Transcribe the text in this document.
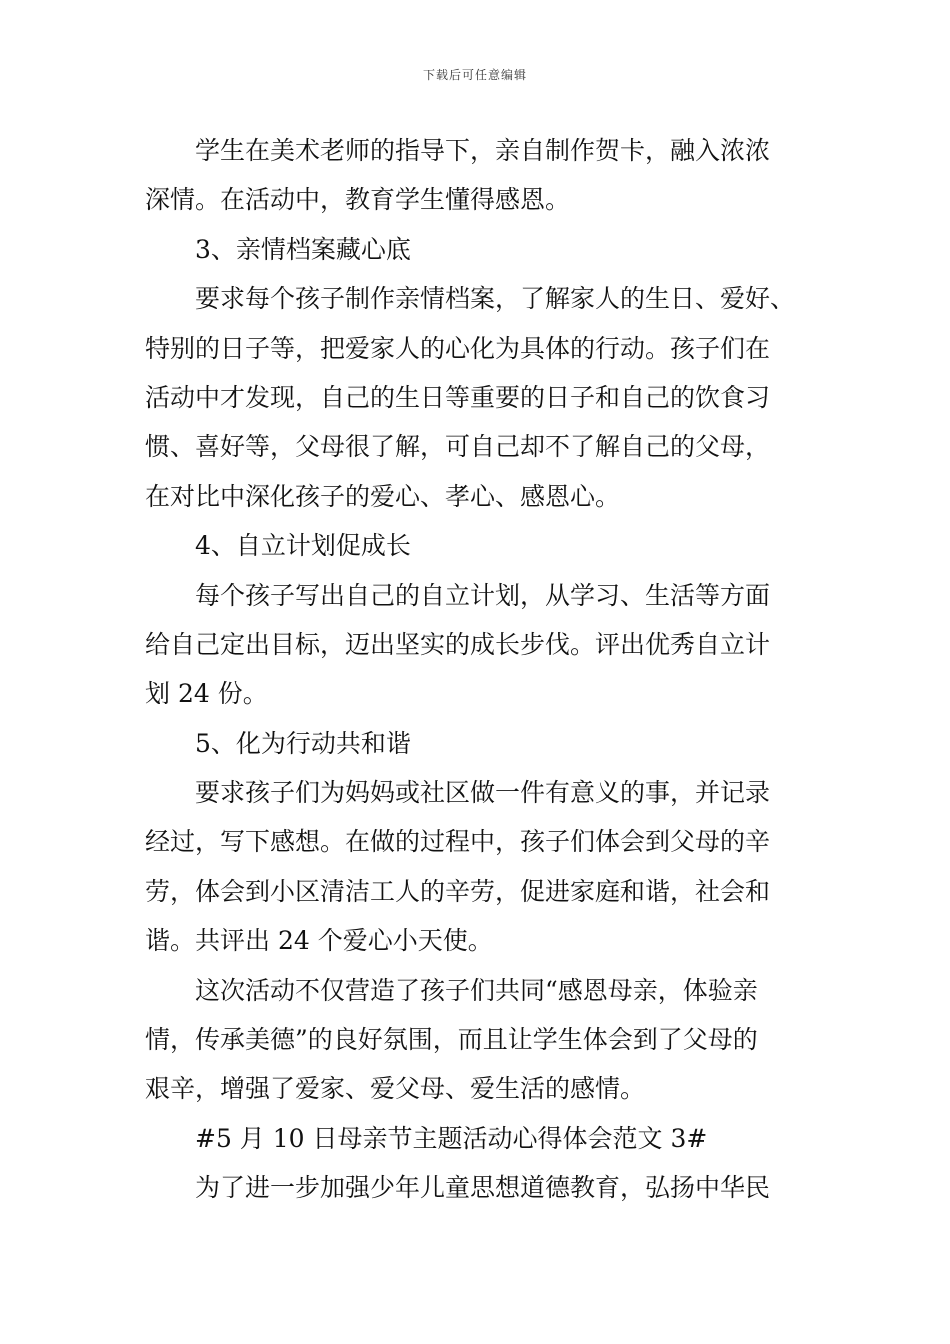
下载后可任意编辑
学生在美术老师的指导下，亲自制作贺卡，融入浓浓
深情。在活动中，教育学生懂得感恩。
3、亲情档案藏心底
要求每个孩子制作亲情档案，了解家人的生日、爱好、
特别的日子等，把爱家人的心化为具体的行动。孩子们在
活动中才发现，自己的生日等重要的日子和自己的饮食习
惯、喜好等，父母很了解，可自己却不了解自己的父母，
在对比中深化孩子的爱心、孝心、感恩心。
4、自立计划促成长
每个孩子写出自己的自立计划，从学习、生活等方面
给自己定出目标，迈出坚实的成长步伐。评出优秀自立计
划 24 份。
5、化为行动共和谐
要求孩子们为妈妈或社区做一件有意义的事，并记录
经过，写下感想。在做的过程中，孩子们体会到父母的辛
劳，体会到小区清洁工人的辛劳，促进家庭和谐，社会和
谐。共评出 24 个爱心小天使。
这次活动不仅营造了孩子们共同“感恩母亲，体验亲
情，传承美德”的良好氛围，而且让学生体会到了父母的
艰辛，增强了爱家、爱父母、爱生活的感情。
#5 月 10 日母亲节主题活动心得体会范文 3#
为了进一步加强少年儿童思想道德教育，弘扬中华民
